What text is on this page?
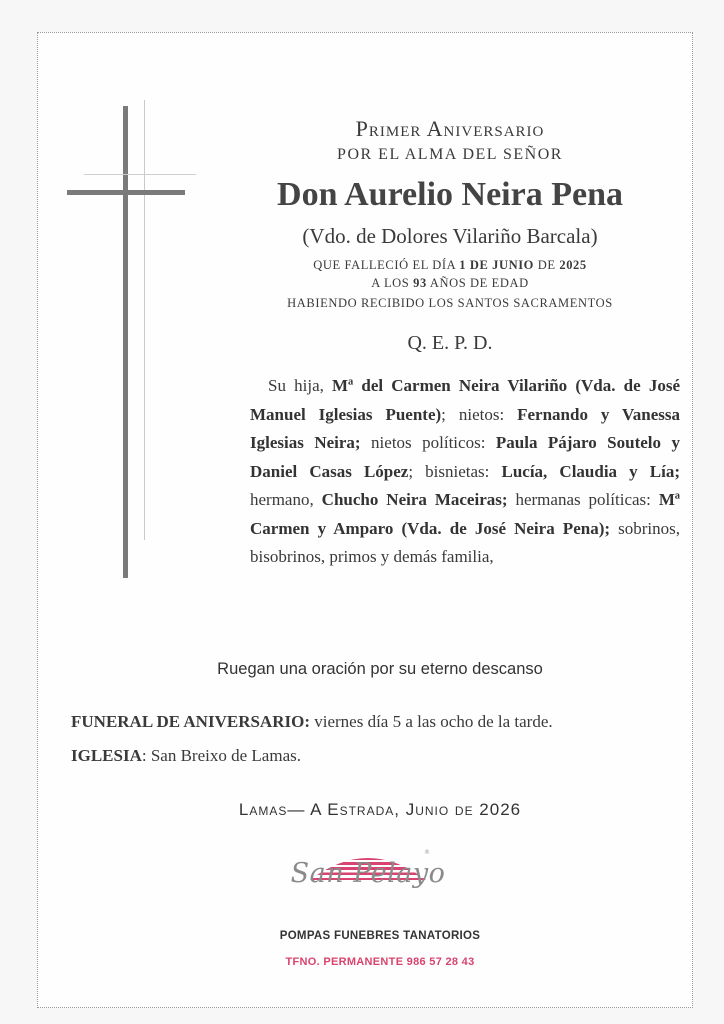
Primer Aniversario
POR EL ALMA DEL SEÑOR
Don Aurelio Neira Pena
(Vdo. de Dolores Vilariño Barcala)
QUE FALLECIÓ EL DÍA 1 DE JUNIO DE 2025
A LOS 93 AÑOS DE EDAD
HABIENDO RECIBIDO LOS SANTOS SACRAMENTOS
Q. E. P. D.
Su hija, Mª del Carmen Neira Vilariño (Vda. de José Manuel Iglesias Puente); nietos: Fernando y Vanessa Iglesias Neira; nietos políticos: Paula Pájaro Soutelo y Daniel Casas López; bisnietas: Lucía, Claudia y Lía; hermano, Chucho Neira Maceiras; hermanas políticas: Mª Carmen y Amparo (Vda. de José Neira Pena); sobrinos, bisobrinos, primos y demás familia,
Ruegan una oración por su eterno descanso
FUNERAL DE ANIVERSARIO: viernes día 5 a las ocho de la tarde.
IGLESIA: San Breixo de Lamas.
Lamas— A Estrada, Junio de 2026
®
San Pelayo
POMPAS FUNEBRES TANATORIOS
TFNO. PERMANENTE 986 57 28 43
